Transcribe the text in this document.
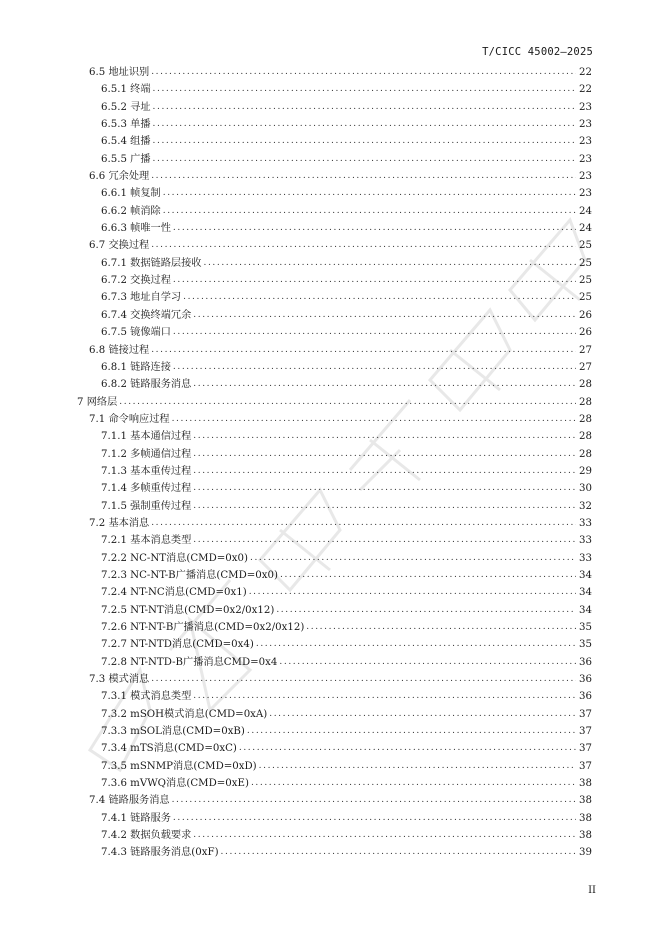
T/CICC 45002—2025
6.5 地址识别 .....	22
6.5.1 终端 .....	22
6.5.2 寻址 .....	23
6.5.3 单播 .....	23
6.5.4 组播 .....	23
6.5.5 广播 .....	23
6.6 冗余处理 .....	23
6.6.1 帧复制 .....	23
6.6.2 帧消除 .....	24
6.6.3 帧唯一性 .....	24
6.7 交换过程 .....	25
6.7.1 数据链路层接收 .....	25
6.7.2 交换过程 .....	25
6.7.3 地址自学习 .....	25
6.7.4 交换终端冗余 .....	26
6.7.5 镜像端口 .....	26
6.8 链接过程 .....	27
6.8.1 链路连接 .....	27
6.8.2 链路服务消息 .....	28
7 网络层 .....	28
7.1 命令响应过程 .....	28
7.1.1 基本通信过程 .....	28
7.1.2 多帧通信过程 .....	28
7.1.3 基本重传过程 .....	29
7.1.4 多帧重传过程 .....	30
7.1.5 强制重传过程 .....	32
7.2 基本消息 .....	33
7.2.1 基本消息类型 .....	33
7.2.2 NC-NT消息(CMD=0x0) .....	33
7.2.3 NC-NT-B广播消息(CMD=0x0) .....	34
7.2.4 NT-NC消息(CMD=0x1) .....	34
7.2.5 NT-NT消息(CMD=0x2/0x12) .....	34
7.2.6 NT-NT-B广播消息(CMD=0x2/0x12) .....	35
7.2.7 NT-NTD消息(CMD=0x4) .....	35
7.2.8 NT-NTD-B广播消息CMD=0x4 .....	36
7.3 模式消息 .....	36
7.3.1 模式消息类型 .....	36
7.3.2 mSOH模式消息(CMD=0xA) .....	37
7.3.3 mSOL消息(CMD=0xB) .....	37
7.3.4 mTS消息(CMD=0xC) .....	37
7.3.5 mSNMP消息(CMD=0xD) .....	37
7.3.6 mVWQ消息(CMD=0xE) .....	38
7.4 链路服务消息 .....	38
7.4.1 链路服务 .....	38
7.4.2 数据负载要求 .....	38
7.4.3 链路服务消息(0xF) .....	39
II
